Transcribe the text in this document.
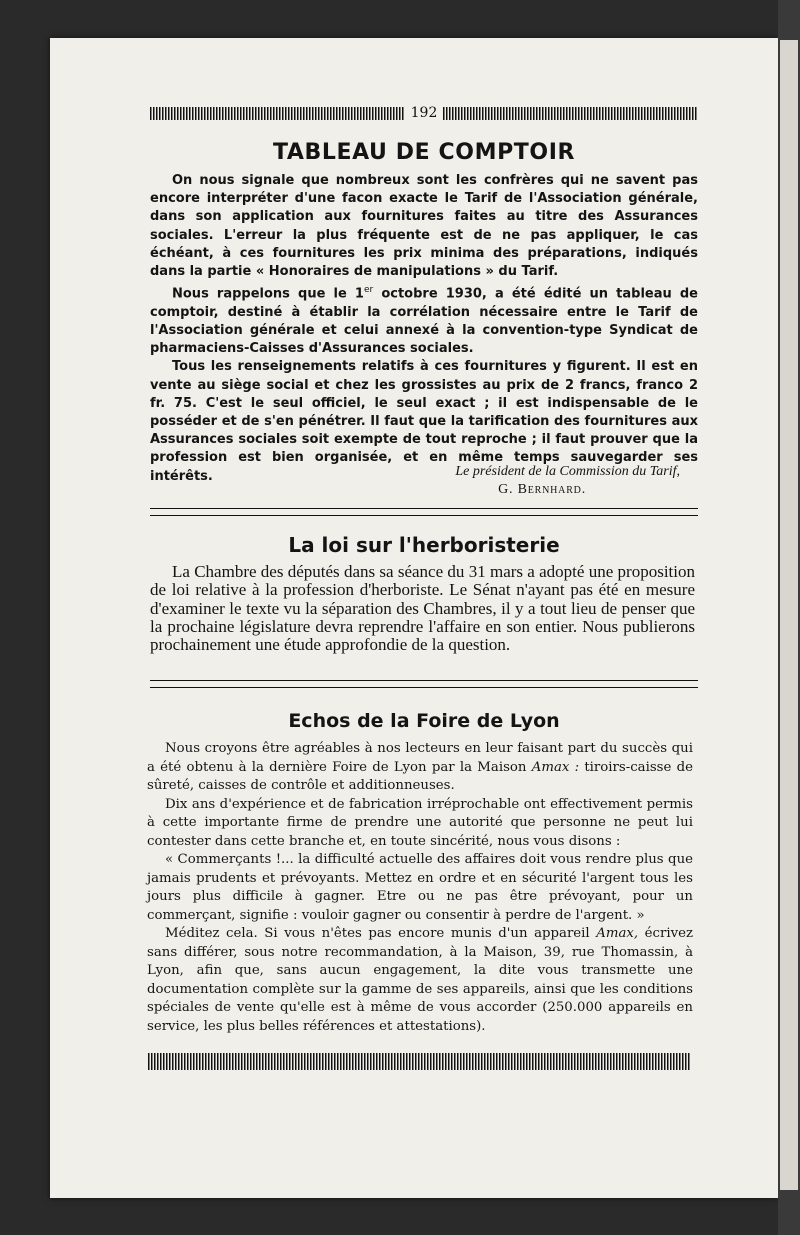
192
TABLEAU DE COMPTOIR

On nous signale que nombreux sont les confrères qui ne savent pas encore interpréter d'une facon exacte le Tarif de l'Association générale, dans son application aux fournitures faites au titre des Assurances sociales. L'erreur la plus fréquente est de ne pas appliquer, le cas échéant, à ces fournitures les prix minima des préparations, indiqués dans la partie « Honoraires de manipulations » du Tarif.

Nous rappelons que le 1er octobre 1930, a été édité un tableau de comptoir, destiné à établir la corrélation nécessaire entre le Tarif de l'Association générale et celui annexé à la convention-type Syndicat de pharmaciens-Caisses d'Assurances sociales.

Tous les renseignements relatifs à ces fournitures y figurent. Il est en vente au siège social et chez les grossistes au prix de 2 francs, franco 2 fr. 75. C'est le seul officiel, le seul exact ; il est indispensable de le posséder et de s'en pénétrer. Il faut que la tarification des fournitures aux Assurances sociales soit exempte de tout reproche ; il faut prouver que la profession est bien organisée, et en même temps sauvegarder ses intérêts.	Le président de la Commission du Tarif,
G. Bernhard.
La loi sur l'herboristerie

La Chambre des députés dans sa séance du 31 mars a adopté une proposition de loi relative à la profession d'herboriste. Le Sénat n'ayant pas été en mesure d'examiner le texte vu la séparation des Chambres, il y a tout lieu de penser que la prochaine législature devra reprendre l'affaire en son entier. Nous publierons prochainement une étude approfondie de la question.

Echos de la Foire de Lyon

Nous croyons être agréables à nos lecteurs en leur faisant part du succès qui a été obtenu à la dernière Foire de Lyon par la Maison Amax : tiroirs-caisse de sûreté, caisses de contrôle et additionneuses.

Dix ans d'expérience et de fabrication irréprochable ont effectivement permis à cette importante firme de prendre une autorité que personne ne peut lui contester dans cette branche et, en toute sincérité, nous vous disons :

« Commerçants !... la difficulté actuelle des affaires doit vous rendre plus que jamais prudents et prévoyants. Mettez en ordre et en sécurité l'argent tous les jours plus difficile à gagner. Etre ou ne pas être prévoyant, pour un commerçant, signifie : vouloir gagner ou consentir à perdre de l'argent. »

Méditez cela. Si vous n'êtes pas encore munis d'un appareil Amax, écrivez sans différer, sous notre recommandation, à la Maison, 39, rue Thomassin, à Lyon, afin que, sans aucun engagement, la dite vous transmette une documentation complète sur la gamme de ses appareils, ainsi que les conditions spéciales de vente qu'elle est à même de vous accorder (250.000 appareils en service, les plus belles références et attestations).
